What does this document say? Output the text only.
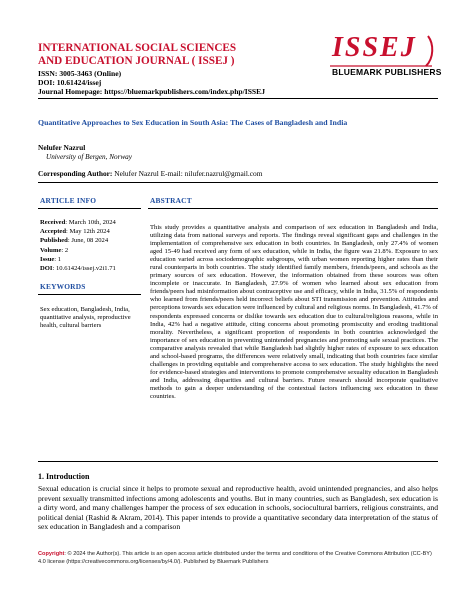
INTERNATIONAL SOCIAL SCIENCES
AND EDUCATION JOURNAL ( ISSEJ )
ISSN: 3005-3463 (Online)
DOI: 10.61424/issej
Journal Homepage: https://bluemarkpublishers.com/index.php/ISSEJ
ISSEJ
BLUEMARK PUBLISHERS
Quantitative Approaches to Sex Education in South Asia: The Cases of Bangladesh and India
Nelufer Nazrul
University of Bergen, Norway
Corresponding Author: Nelufer Nazrul E-mail: nilufer.nazrul@gmail.com
ARTICLE INFO	ABSTRACT
Received: March 10th, 2024
Accepted: May 12th 2024
Published: June, 08 2024
Volume: 2
Issue: 1
DOI: 10.61424/issej.v2i1.71
KEYWORDS
Sex education, Bangladesh, India, quantitative analysis, reproductive health, cultural barriers
This study provides a quantitative analysis and comparison of sex education in Bangladesh and India, utilizing data from national surveys and reports. The findings reveal significant gaps and challenges in the implementation of comprehensive sex education in both countries. In Bangladesh, only 27.4% of women aged 15-49 had received any form of sex education, while in India, the figure was 21.8%. Exposure to sex education varied across sociodemographic subgroups, with urban women reporting higher rates than their rural counterparts in both countries. The study identified family members, friends/peers, and schools as the primary sources of sex education. However, the information obtained from these sources was often incomplete or inaccurate. In Bangladesh, 27.9% of women who learned about sex education from friends/peers had misinformation about contraceptive use and efficacy, while in India, 31.5% of respondents who learned from friends/peers held incorrect beliefs about STI transmission and prevention. Attitudes and perceptions towards sex education were influenced by cultural and religious norms. In Bangladesh, 41.7% of respondents expressed concerns or dislike towards sex education due to cultural/religious reasons, while in India, 42% had a negative attitude, citing concerns about promoting promiscuity and eroding traditional morality. Nevertheless, a significant proportion of respondents in both countries acknowledged the importance of sex education in preventing unintended pregnancies and promoting safe sexual practices. The comparative analysis revealed that while Bangladesh had slightly higher rates of exposure to sex education and school-based programs, the differences were relatively small, indicating that both countries face similar challenges in providing equitable and comprehensive access to sex education. The study highlights the need for evidence-based strategies and interventions to promote comprehensive sexuality education in Bangladesh and India, addressing disparities and cultural barriers. Future research should incorporate qualitative methods to gain a deeper understanding of the contextual factors influencing sex education in these countries.
1. Introduction
Sexual education is crucial since it helps to promote sexual and reproductive health, avoid unintended pregnancies, and also helps prevent sexually transmitted infections among adolescents and youths. But in many countries, such as Bangladesh, sex education is a dirty word, and many challenges hamper the process of sex education in schools, sociocultural barriers, religious constraints, and political denial (Rashid & Akram, 2014). This paper intends to provide a quantitative secondary data interpretation of the status of sex education in Bangladesh and a comparison
Copyright: © 2024 the Author(s). This article is an open access article distributed under the terms and conditions of the Creative Commons Attribution (CC-BY) 4.0 license (https://creativecommons.org/licenses/by/4.0/). Published by Bluemark Publishers
